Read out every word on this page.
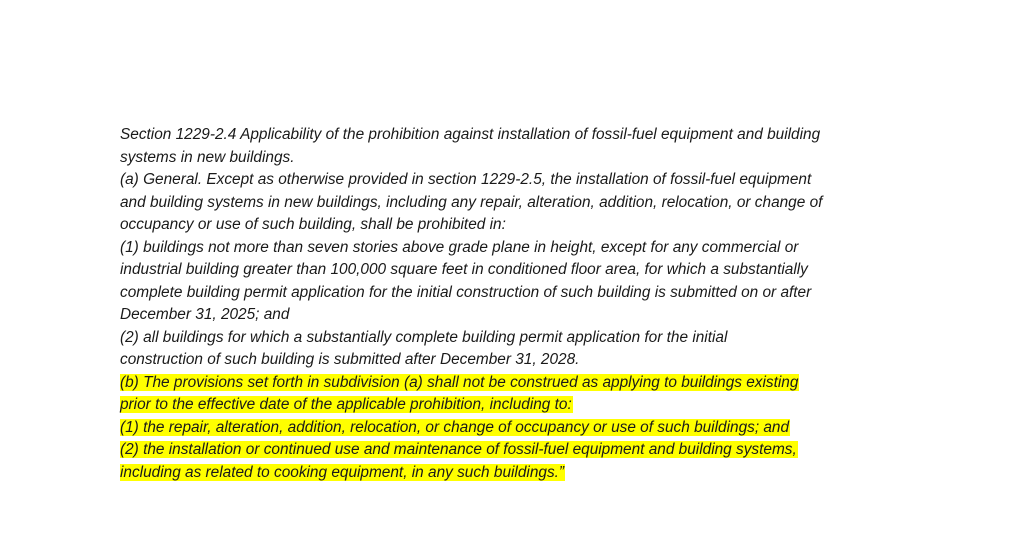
Section 1229-2.4 Applicability of the prohibition against installation of fossil-fuel equipment and building
systems in new buildings.
(a) General. Except as otherwise provided in section 1229-2.5, the installation of fossil-fuel equipment
and building systems in new buildings, including any repair, alteration, addition, relocation, or change of
occupancy or use of such building, shall be prohibited in:
(1) buildings not more than seven stories above grade plane in height, except for any commercial or
industrial building greater than 100,000 square feet in conditioned floor area, for which a substantially
complete building permit application for the initial construction of such building is submitted on or after
December 31, 2025; and
(2) all buildings for which a substantially complete building permit application for the initial
construction of such building is submitted after December 31, 2028.
(b) The provisions set forth in subdivision (a) shall not be construed as applying to buildings existing
prior to the effective date of the applicable prohibition, including to:
(1) the repair, alteration, addition, relocation, or change of occupancy or use of such buildings; and
(2) the installation or continued use and maintenance of fossil-fuel equipment and building systems,
including as related to cooking equipment, in any such buildings.”
